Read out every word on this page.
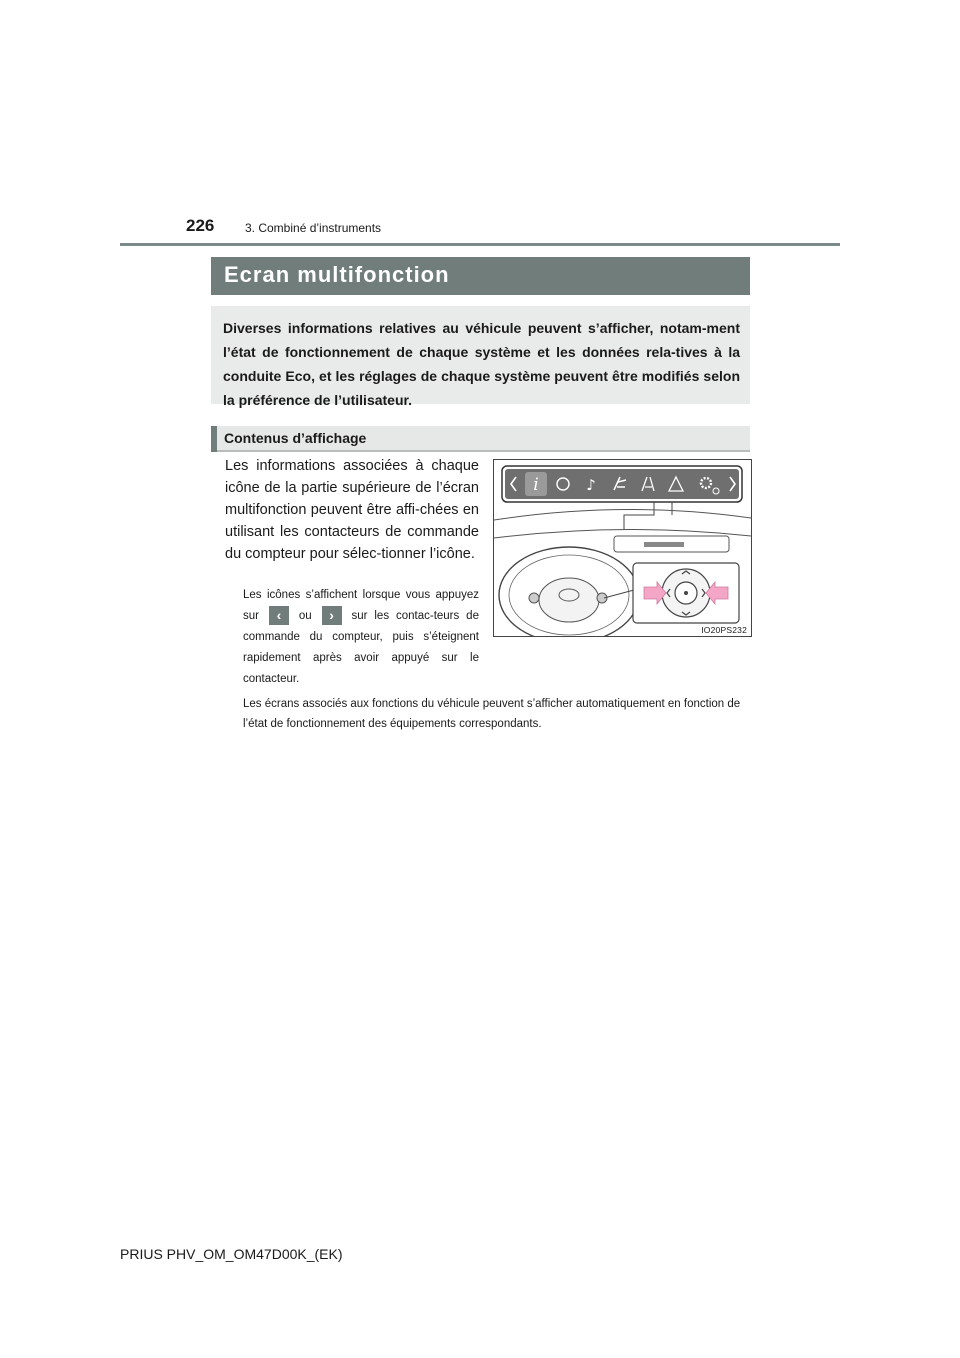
226	3. Combiné d’instruments
Ecran multifonction

Diverses informations relatives au véhicule peuvent s’afficher, notam-ment l’état de fonctionnement de chaque système et les données rela-tives à la conduite Eco, et les réglages de chaque système peuvent être modifiés selon la préférence de l’utilisateur.

Contenus d’affichage

Les informations associées à chaque icône de la partie supérieure de l’écran multifonction peuvent être affi-chées en utilisant les contacteurs de commande du compteur pour sélec-tionner l’icône.

Les icônes s’affichent lorsque vous appuyez sur ‹ ou › sur les contac-teurs de commande du compteur, puis s’éteignent rapidement après avoir appuyé sur le contacteur.

Les écrans associés aux fonctions du véhicule peuvent s’afficher automatiquement en fonction de l’état de fonctionnement des équipements correspondants.

i	♪
IO20PS232
PRIUS PHV_OM_OM47D00K_(EK)
